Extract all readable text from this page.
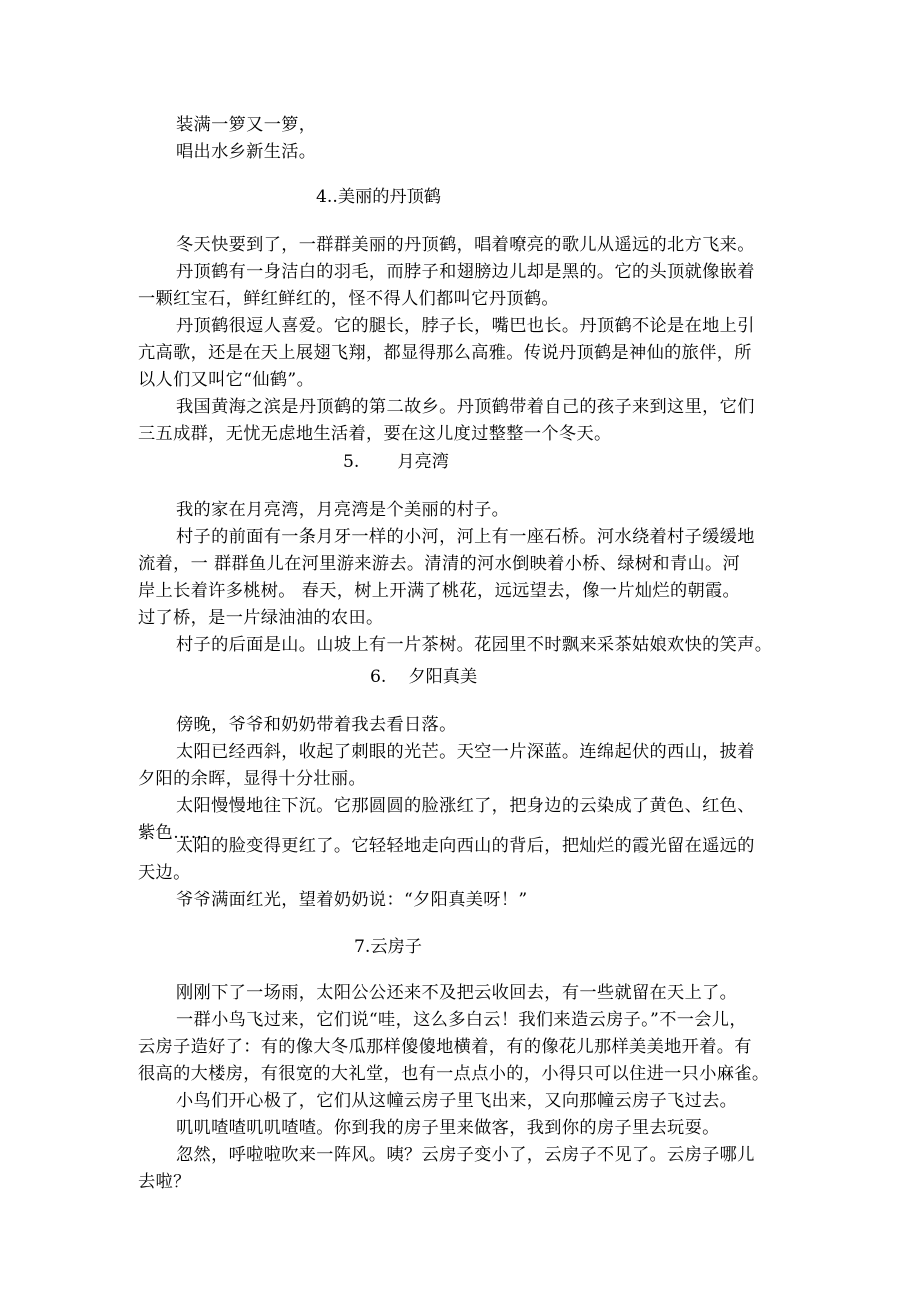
装满一箩又一箩，
唱出水乡新生活。
4..美丽的丹顶鹤
冬天快要到了，一群群美丽的丹顶鹤，唱着嘹亮的歌儿从遥远的北方飞来。
丹顶鹤有一身洁白的羽毛，而脖子和翅膀边儿却是黑的。它的头顶就像嵌着
一颗红宝石，鲜红鲜红的，怪不得人们都叫它丹顶鹤。
丹顶鹤很逗人喜爱。它的腿长，脖子长，嘴巴也长。丹顶鹤不论是在地上引
亢高歌，还是在天上展翅飞翔，都显得那么高雅。传说丹顶鹤是神仙的旅伴，所
以人们又叫它“仙鹤”。
我国黄海之滨是丹顶鹤的第二故乡。丹顶鹤带着自己的孩子来到这里，它们
三五成群，无忧无虑地生活着，要在这儿度过整整一个冬天。
5. 月亮湾
我的家在月亮湾，月亮湾是个美丽的村子。
村子的前面有一条月牙一样的小河，河上有一座石桥。河水绕着村子缓缓地
流着，一 群群鱼儿在河里游来游去。清清的河水倒映着小桥、绿树和青山。河
岸上长着许多桃树。 春天，树上开满了桃花，远远望去，像一片灿烂的朝霞。
过了桥，是一片绿油油的农田。
村子的后面是山。山坡上有一片茶树。花园里不时飘来采茶姑娘欢快的笑声。
6. 夕阳真美
傍晚，爷爷和奶奶带着我去看日落。
太阳已经西斜，收起了刺眼的光芒。天空一片深蓝。连绵起伏的西山，披着
夕阳的余晖，显得十分壮丽。
太阳慢慢地往下沉。它那圆圆的脸涨红了，把身边的云染成了黄色、红色、
紫色……
太阳的脸变得更红了。它轻轻地走向西山的背后，把灿烂的霞光留在遥远的
天边。
爷爷满面红光，望着奶奶说：“夕阳真美呀！”
7.云房子
刚刚下了一场雨，太阳公公还来不及把云收回去，有一些就留在天上了。
一群小鸟飞过来，它们说“哇，这么多白云！我们来造云房子。”不一会儿，
云房子造好了：有的像大冬瓜那样傻傻地横着，有的像花儿那样美美地开着。有
很高的大楼房，有很宽的大礼堂，也有一点点小的，小得只可以住进一只小麻雀。
小鸟们开心极了，它们从这幢云房子里飞出来，又向那幢云房子飞过去。
叽叽喳喳叽叽喳喳。你到我的房子里来做客，我到你的房子里去玩耍。
忽然，呼啦啦吹来一阵风。咦？云房子变小了，云房子不见了。云房子哪儿
去啦？
